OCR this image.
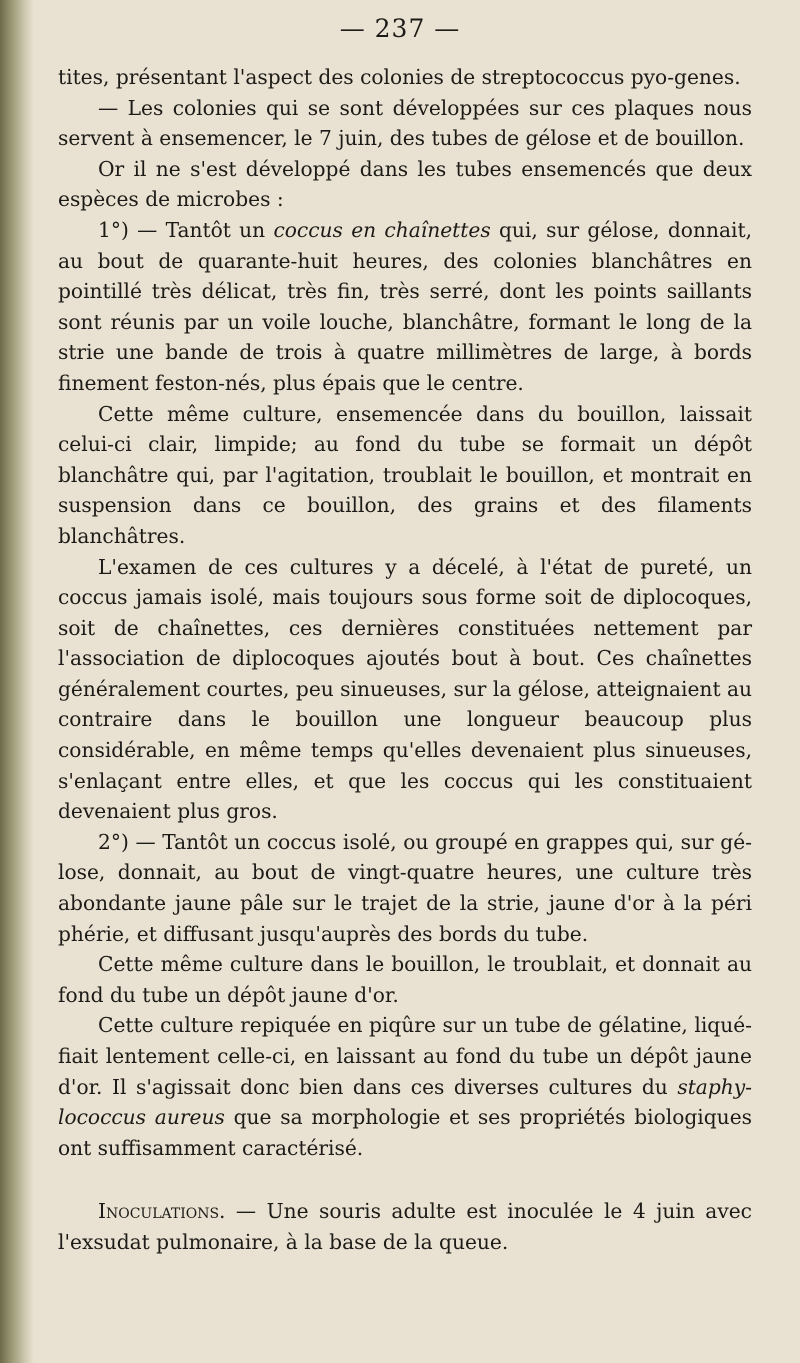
— 237 —

tites, présentant l'aspect des colonies de streptococcus pyo-genes.

— Les colonies qui se sont développées sur ces plaques nous servent à ensemencer, le 7 juin, des tubes de gélose et de bouillon.

Or il ne s'est développé dans les tubes ensemencés que deux espèces de microbes :

1°) — Tantôt un coccus en chaînettes qui, sur gélose, donnait, au bout de quarante-huit heures, des colonies blanchâtres en pointillé très délicat, très fin, très serré, dont les points saillants sont réunis par un voile louche, blanchâtre, formant le long de la strie une bande de trois à quatre millimètres de large, à bords finement feston-nés, plus épais que le centre.

Cette même culture, ensemencée dans du bouillon, laissait celui-ci clair, limpide; au fond du tube se formait un dépôt blanchâtre qui, par l'agitation, troublait le bouillon, et montrait en suspension dans ce bouillon, des grains et des filaments blanchâtres.

L'examen de ces cultures y a décelé, à l'état de pureté, un coccus jamais isolé, mais toujours sous forme soit de diplocoques, soit de chaînettes, ces dernières constituées nettement par l'association de diplocoques ajoutés bout à bout. Ces chaînettes généralement courtes, peu sinueuses, sur la gélose, atteignaient au contraire dans le bouillon une longueur beaucoup plus considérable, en même temps qu'elles devenaient plus sinueuses, s'enlaçant entre elles, et que les coccus qui les constituaient devenaient plus gros.

2°) — Tantôt un coccus isolé, ou groupé en grappes qui, sur gé-lose, donnait, au bout de vingt-quatre heures, une culture très abondante jaune pâle sur le trajet de la strie, jaune d'or à la péri phérie, et diffusant jusqu'auprès des bords du tube.

Cette même culture dans le bouillon, le troublait, et donnait au fond du tube un dépôt jaune d'or.

Cette culture repiquée en piqûre sur un tube de gélatine, liqué-fiait lentement celle-ci, en laissant au fond du tube un dépôt jaune d'or. Il s'agissait donc bien dans ces diverses cultures du staphy-lococcus aureus que sa morphologie et ses propriétés biologiques ont suffisamment caractérisé.

Inoculations. — Une souris adulte est inoculée le 4 juin avec l'exsudat pulmonaire, à la base de la queue.
